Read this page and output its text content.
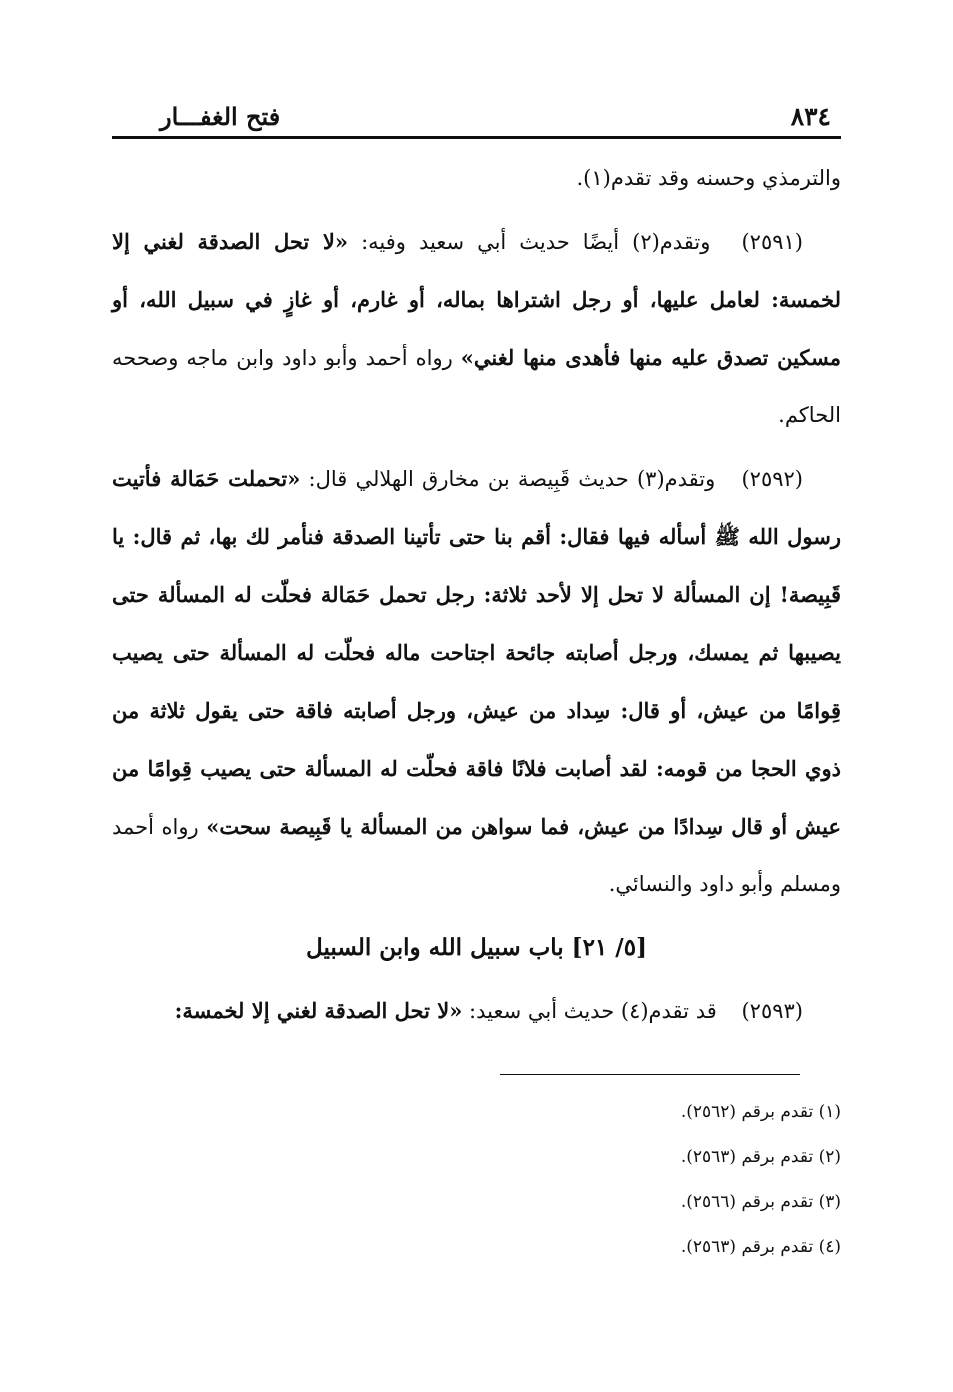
٨٣٤
فتح الغفـــار

والترمذي وحسنه وقد تقدم(١).

(٢٥٩١) وتقدم(٢) أيضًا حديث أبي سعيد وفيه: «لا تحل الصدقة لغني إلا لخمسة: لعامل عليها، أو رجل اشتراها بماله، أو غارم، أو غازٍ في سبيل الله، أو مسكين تصدق عليه منها فأهدى منها لغني» رواه أحمد وأبو داود وابن ماجه وصححه الحاكم.

(٢٥٩٢) وتقدم(٣) حديث قَبِيصة بن مخارق الهلالي قال: «تحملت حَمَالة فأتيت رسول الله ﷺ أسأله فيها فقال: أقم بنا حتى تأتينا الصدقة فنأمر لك بها، ثم قال: يا قَبِيصة! إن المسألة لا تحل إلا لأحد ثلاثة: رجل تحمل حَمَالة فحلّت له المسألة حتى يصيبها ثم يمسك، ورجل أصابته جائحة اجتاحت ماله فحلّت له المسألة حتى يصيب قِوامًا من عيش، أو قال: سِداد من عيش، ورجل أصابته فاقة حتى يقول ثلاثة من ذوي الحجا من قومه: لقد أصابت فلانًا فاقة فحلّت له المسألة حتى يصيب قِوامًا من عيش أو قال سِدادًا من عيش، فما سواهن من المسألة يا قَبِيصة سحت» رواه أحمد ومسلم وأبو داود والنسائي.

[٥/ ٢١] باب سبيل الله وابن السبيل

(٢٥٩٣) قد تقدم(٤) حديث أبي سعيد: «لا تحل الصدقة لغني إلا لخمسة:

(١) تقدم برقم (٢٥٦٢).
(٢) تقدم برقم (٢٥٦٣).
(٣) تقدم برقم (٢٥٦٦).
(٤) تقدم برقم (٢٥٦٣).
